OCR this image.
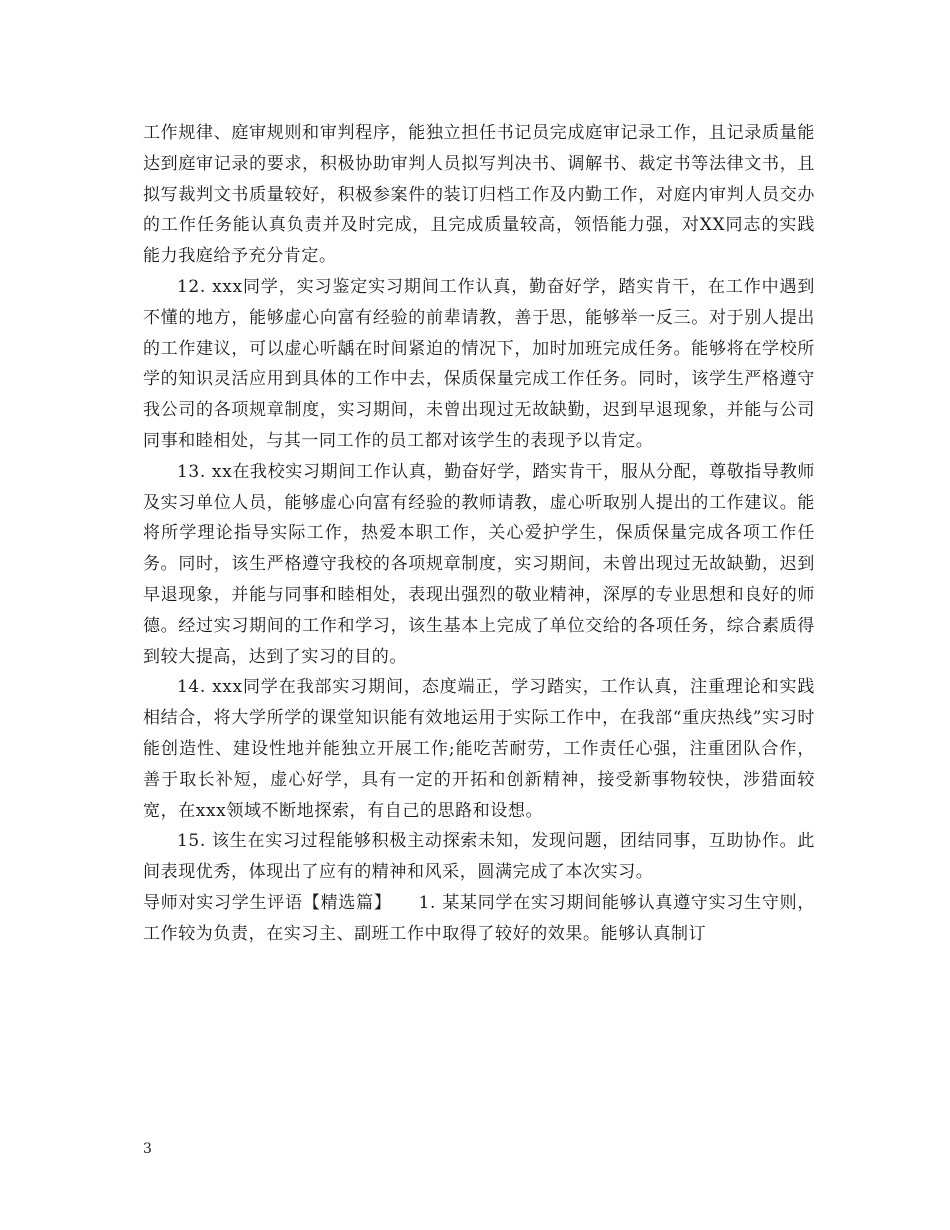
工作规律、庭审规则和审判程序，能独立担任书记员完成庭审记录工作，且记录质量能达到庭审记录的要求，积极协助审判人员拟写判决书、调解书、裁定书等法律文书，且拟写裁判文书质量较好，积极参案件的装订归档工作及内勤工作，对庭内审判人员交办的工作任务能认真负责并及时完成，且完成质量较高，领悟能力强，对XX同志的实践能力我庭给予充分肯定。

12. xxx同学，实习鉴定实习期间工作认真，勤奋好学，踏实肯干，在工作中遇到不懂的地方，能够虚心向富有经验的前辈请教，善于思，能够举一反三。对于别人提出的工作建议，可以虚心听龋在时间紧迫的情况下，加时加班完成任务。能够将在学校所学的知识灵活应用到具体的工作中去，保质保量完成工作任务。同时，该学生严格遵守我公司的各项规章制度，实习期间，未曾出现过无故缺勤，迟到早退现象，并能与公司同事和睦相处，与其一同工作的员工都对该学生的表现予以肯定。

13. xx在我校实习期间工作认真，勤奋好学，踏实肯干，服从分配，尊敬指导教师及实习单位人员，能够虚心向富有经验的教师请教，虚心听取别人提出的工作建议。能将所学理论指导实际工作，热爱本职工作，关心爱护学生，保质保量完成各项工作任务。同时，该生严格遵守我校的各项规章制度，实习期间，未曾出现过无故缺勤，迟到早退现象，并能与同事和睦相处，表现出强烈的敬业精神，深厚的专业思想和良好的师德。经过实习期间的工作和学习，该生基本上完成了单位交给的各项任务，综合素质得到较大提高，达到了实习的目的。

14. xxx同学在我部实习期间，态度端正，学习踏实，工作认真，注重理论和实践相结合，将大学所学的课堂知识能有效地运用于实际工作中，在我部“重庆热线”实习时能创造性、建设性地并能独立开展工作;能吃苦耐劳，工作责任心强，注重团队合作，善于取长补短，虚心好学，具有一定的开拓和创新精神，接受新事物较快，涉猎面较宽，在xxx领域不断地探索，有自己的思路和设想。

15. 该生在实习过程能够积极主动探索未知，发现问题，团结同事，互助协作。此间表现优秀，体现出了应有的精神和风采，圆满完成了本次实习。

导师对实习学生评语【精选篇】　　1. 某某同学在实习期间能够认真遵守实习生守则，工作较为负责，在实习主、副班工作中取得了较好的效果。能够认真制订

3
